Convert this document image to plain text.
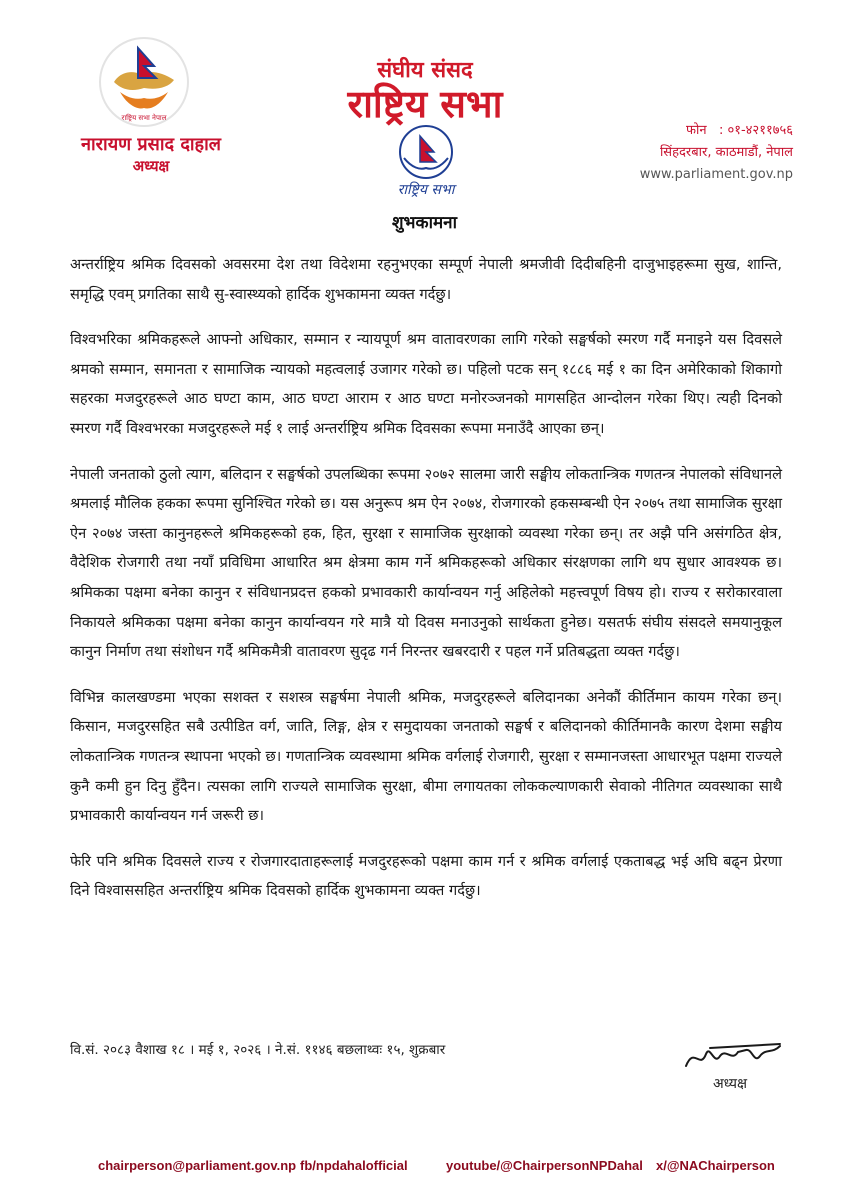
राष्ट्रिय सभा नेपाल
नारायण प्रसाद दाहाल
अध्यक्ष
संघीय संसद
राष्ट्रिय सभा
राष्ट्रिय सभा
फोन : ०१-४२११७५६
सिंहदरबार, काठमाडौं, नेपाल
www.parliament.gov.np
शुभकामना

अन्तर्राष्ट्रिय श्रमिक दिवसको अवसरमा देश तथा विदेशमा रहनुभएका सम्पूर्ण नेपाली श्रमजीवी दिदीबहिनी दाजुभाइहरूमा सुख, शान्ति, समृद्धि एवम् प्रगतिका साथै सु-स्वास्थ्यको हार्दिक शुभकामना व्यक्त गर्दछु।

विश्वभरिका श्रमिकहरूले आफ्नो अधिकार, सम्मान र न्यायपूर्ण श्रम वातावरणका लागि गरेको सङ्घर्षको स्मरण गर्दै मनाइने यस दिवसले श्रमको सम्मान, समानता र सामाजिक न्यायको महत्वलाई उजागर गरेको छ। पहिलो पटक सन् १८८६ मई १ का दिन अमेरिकाको शिकागो सहरका मजदुरहरूले आठ घण्टा काम, आठ घण्टा आराम र आठ घण्टा मनोरञ्जनको मागसहित आन्दोलन गरेका थिए। त्यही दिनको स्मरण गर्दै विश्वभरका मजदुरहरूले मई १ लाई अन्तर्राष्ट्रिय श्रमिक दिवसका रूपमा मनाउँदै आएका छन्।

नेपाली जनताको ठुलो त्याग, बलिदान र सङ्घर्षको उपलब्धिका रूपमा २०७२ सालमा जारी सङ्घीय लोकतान्त्रिक गणतन्त्र नेपालको संविधानले श्रमलाई मौलिक हकका रूपमा सुनिश्चित गरेको छ। यस अनुरूप श्रम ऐन २०७४, रोजगारको हकसम्बन्धी ऐन २०७५ तथा सामाजिक सुरक्षा ऐन २०७४ जस्ता कानुनहरूले श्रमिकहरूको हक, हित, सुरक्षा र सामाजिक सुरक्षाको व्यवस्था गरेका छन्। तर अझै पनि असंगठित क्षेत्र, वैदेशिक रोजगारी तथा नयाँ प्रविधिमा आधारित श्रम क्षेत्रमा काम गर्ने श्रमिकहरूको अधिकार संरक्षणका लागि थप सुधार आवश्यक छ। श्रमिकका पक्षमा बनेका कानुन र संविधानप्रदत्त हकको प्रभावकारी कार्यान्वयन गर्नु अहिलेको महत्त्वपूर्ण विषय हो। राज्य र सरोकारवाला निकायले श्रमिकका पक्षमा बनेका कानुन कार्यान्वयन गरे मात्रै यो दिवस मनाउनुको सार्थकता हुनेछ। यसतर्फ संघीय संसदले समयानुकूल कानुन निर्माण तथा संशोधन गर्दै श्रमिकमैत्री वातावरण सुदृढ गर्न निरन्तर खबरदारी र पहल गर्ने प्रतिबद्धता व्यक्त गर्दछु।

विभिन्न कालखण्डमा भएका सशक्त र सशस्त्र सङ्घर्षमा नेपाली श्रमिक, मजदुरहरूले बलिदानका अनेकौं कीर्तिमान कायम गरेका छन्। किसान, मजदुरसहित सबै उत्पीडित वर्ग, जाति, लिङ्ग, क्षेत्र र समुदायका जनताको सङ्घर्ष र बलिदानको कीर्तिमानकै कारण देशमा सङ्घीय लोकतान्त्रिक गणतन्त्र स्थापना भएको छ। गणतान्त्रिक व्यवस्थामा श्रमिक वर्गलाई रोजगारी, सुरक्षा र सम्मानजस्ता आधारभूत पक्षमा राज्यले कुनै कमी हुन दिनु हुँदैन। त्यसका लागि राज्यले सामाजिक सुरक्षा, बीमा लगायतका लोककल्याणकारी सेवाको नीतिगत व्यवस्थाका साथै प्रभावकारी कार्यान्वयन गर्न जरूरी छ।

फेरि पनि श्रमिक दिवसले राज्य र रोजगारदाताहरूलाई मजदुरहरूको पक्षमा काम गर्न र श्रमिक वर्गलाई एकताबद्ध भई अघि बढ्न प्रेरणा दिने विश्वाससहित अन्तर्राष्ट्रिय श्रमिक दिवसको हार्दिक शुभकामना व्यक्त गर्दछु।

वि.सं. २०८३ वैशाख १८ । मई १, २०२६ । ने.सं. ११४६ बछलाथ्वः १५, शुक्रबार
अध्यक्ष
chairperson@parliament.gov.np fb/npdahalofficial	youtube/@ChairpersonNPDahal x/@NAChairperson
